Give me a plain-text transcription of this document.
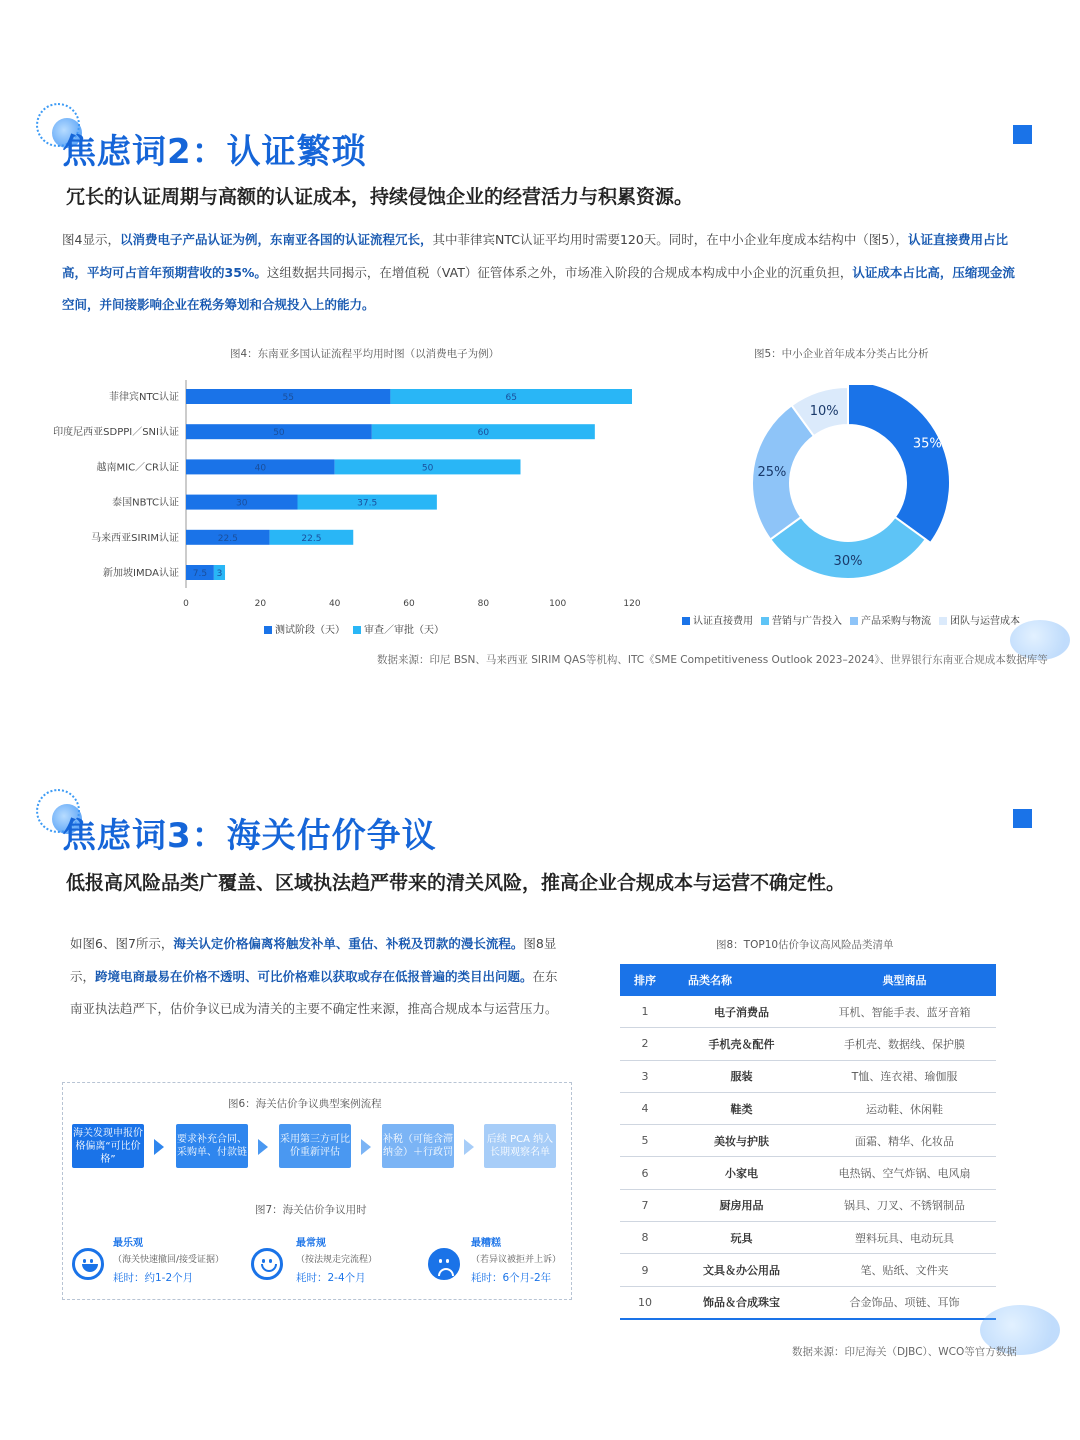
焦虑词2：认证繁琐
冗长的认证周期与高额的认证成本，持续侵蚀企业的经营活力与积累资源。
图4显示，以消费电子产品认证为例，东南亚各国的认证流程冗长，其中菲律宾NTC认证平均用时需要120天。同时，在中小企业年度成本结构中（图5），认证直接费用占比高，平均可占首年预期营收的35%。这组数据共同揭示，在增值税（VAT）征管体系之外，市场准入阶段的合规成本构成中小企业的沉重负担，认证成本占比高，压缩现金流空间，并间接影响企业在税务筹划和合规投入上的能力。
图4：东南亚多国认证流程平均用时图（以消费电子为例）	图5：中小企业首年成本分类占比分析
0	20	40	60	80	100	120
菲律宾NTC认证	55	65
印度尼西亚SDPPI／SNI认证	50	60
越南MIC／CR认证	40	50
泰国NBTC认证	30	37.5
马来西亚SIRIM认证	22.5	22.5
新加坡IMDA认证 7.5 3
测试阶段（天） 审查／审批（天）
35%
30%
25%
10%
认证直接费用 营销与广告投入 产品采购与物流 团队与运营成本
数据来源：印尼 BSN、马来西亚 SIRIM QAS等机构、ITC《SME Competitiveness Outlook 2023–2024》、世界银行东南亚合规成本数据库等
焦虑词3：海关估价争议
低报高风险品类广覆盖、区域执法趋严带来的清关风险，推高企业合规成本与运营不确定性。
如图6、图7所示，海关认定价格偏离将触发补单、重估、补税及罚款的漫长流程。图8显示，跨境电商最易在价格不透明、可比价格难以获取或存在低报普遍的类目出问题。在东南亚执法趋严下，估价争议已成为清关的主要不确定性来源，推高合规成本与运营压力。
图6：海关估价争议典型案例流程
海关发现申报价格偏离“可比价格”
要求补充合同、采购单、付款链
采用第三方可比价重新评估
补税（可能含滞纳金）＋行政罚
后续 PCA 纳入长期观察名单
图7：海关估价争议用时
最乐观
（海关快速撤回/接受证据）
耗时：约1-2个月
最常规
（按法规走完流程）
耗时：2-4个月
最糟糕
（若异议被拒并上诉）
耗时：6个月-2年
图8：TOP10估价争议高风险品类清单
排序	品类名称	典型商品
1	电子消费品	耳机、智能手表、蓝牙音箱
2	手机壳＆配件	手机壳、数据线、保护膜
3	服装	T恤、连衣裙、瑜伽服
4	鞋类	运动鞋、休闲鞋
5	美妆与护肤	面霜、精华、化妆品
6	小家电	电热锅、空气炸锅、电风扇
7	厨房用品	锅具、刀叉、不锈钢制品
8	玩具	塑料玩具、电动玩具
9	文具＆办公用品	笔、贴纸、文件夹
10	饰品＆合成珠宝	合金饰品、项链、耳饰
数据来源：印尼海关（DJBC）、WCO等官方数据
